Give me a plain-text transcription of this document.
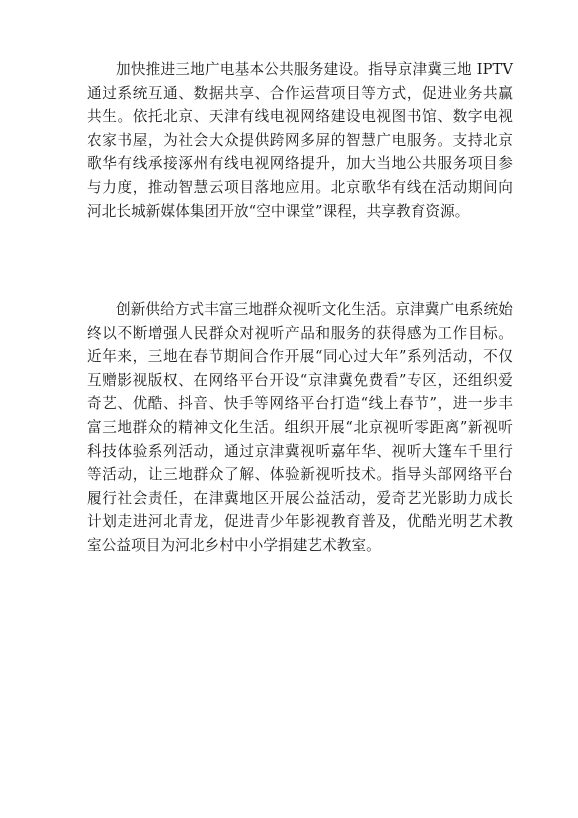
加快推进三地广电基本公共服务建设。指导京津冀三地 IPTV 通过系统互通、数据共享、合作运营项目等方式，促进业务共赢共生。依托北京、天津有线电视网络建设电视图书馆、数字电视农家书屋，为社会大众提供跨网多屏的智慧广电服务。支持北京歌华有线承接涿州有线电视网络提升，加大当地公共服务项目参与力度，推动智慧云项目落地应用。北京歌华有线在活动期间向河北长城新媒体集团开放“空中课堂”课程，共享教育资源。

创新供给方式丰富三地群众视听文化生活。京津冀广电系统始终以不断增强人民群众对视听产品和服务的获得感为工作目标。近年来，三地在春节期间合作开展“同心过大年”系列活动，不仅互赠影视版权、在网络平台开设“京津冀免费看”专区，还组织爱奇艺、优酷、抖音、快手等网络平台打造“线上春节”，进一步丰富三地群众的精神文化生活。组织开展“北京视听零距离”新视听科技体验系列活动，通过京津冀视听嘉年华、视听大篷车千里行等活动，让三地群众了解、体验新视听技术。指导头部网络平台履行社会责任，在津冀地区开展公益活动，爱奇艺光影助力成长计划走进河北青龙，促进青少年影视教育普及，优酷光明艺术教室公益项目为河北乡村中小学捐建艺术教室。
